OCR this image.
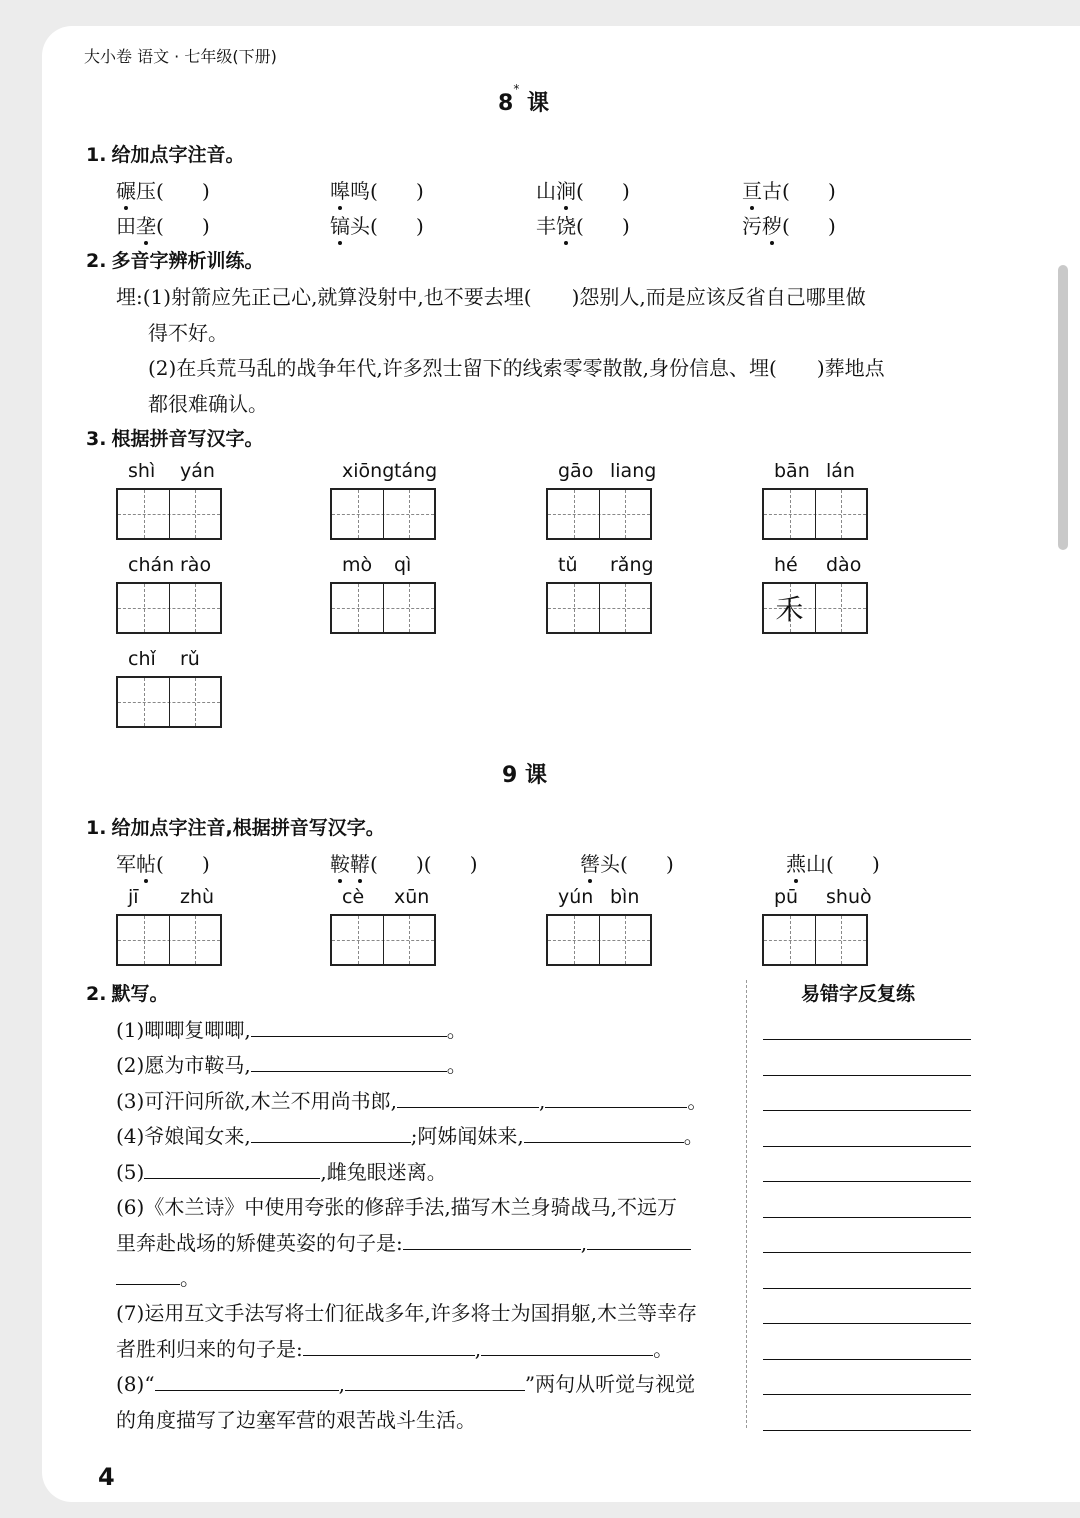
大小卷 语文 · 七年级(下册)
8* 课
1. 给加点字注音。
碾压( )	嗥鸣( )	山涧( )	亘古( )
田垄( )	镐头( )	丰饶( )	污秽( )
2. 多音字辨析训练。
埋:(1)射箭应先正己心,就算没射中,也不要去埋(　　)怨别人,而是应该反省自己哪里做
得不好。
(2)在兵荒马乱的战争年代,许多烈士留下的线索零零散散,身份信息、埋(　　)葬地点
都很难确认。
3. 根据拼音写汉字。
shì yán	xiōng táng	gāo liang	bān lán
chán rào	mò qì	tǔ rǎng	hé dào
禾
chǐ rǔ
jī zhù	cè xūn	yún bìn	pū shuò
9 课
1. 给加点字注音,根据拼音写汉字。
军帖( )	鞍鞯( )( )	辔头( )	燕山( )
2. 默写。
(1)唧唧复唧唧,	。
(2)愿为市鞍马,	。
(3)可汗问所欲,木兰不用尚书郎,	,	。
(4)爷娘闻女来,	;阿姊闻妹来,	。
(5)	,雌兔眼迷离。
(6)《木兰诗》中使用夸张的修辞手法,描写木兰身骑战马,不远万
里奔赴战场的矫健英姿的句子是:	,
。
(7)运用互文手法写将士们征战多年,许多将士为国捐躯,木兰等幸存
者胜利归来的句子是:	,	。
(8)“	,	”两句从听觉与视觉
的角度描写了边塞军营的艰苦战斗生活。
易错字反复练
4
